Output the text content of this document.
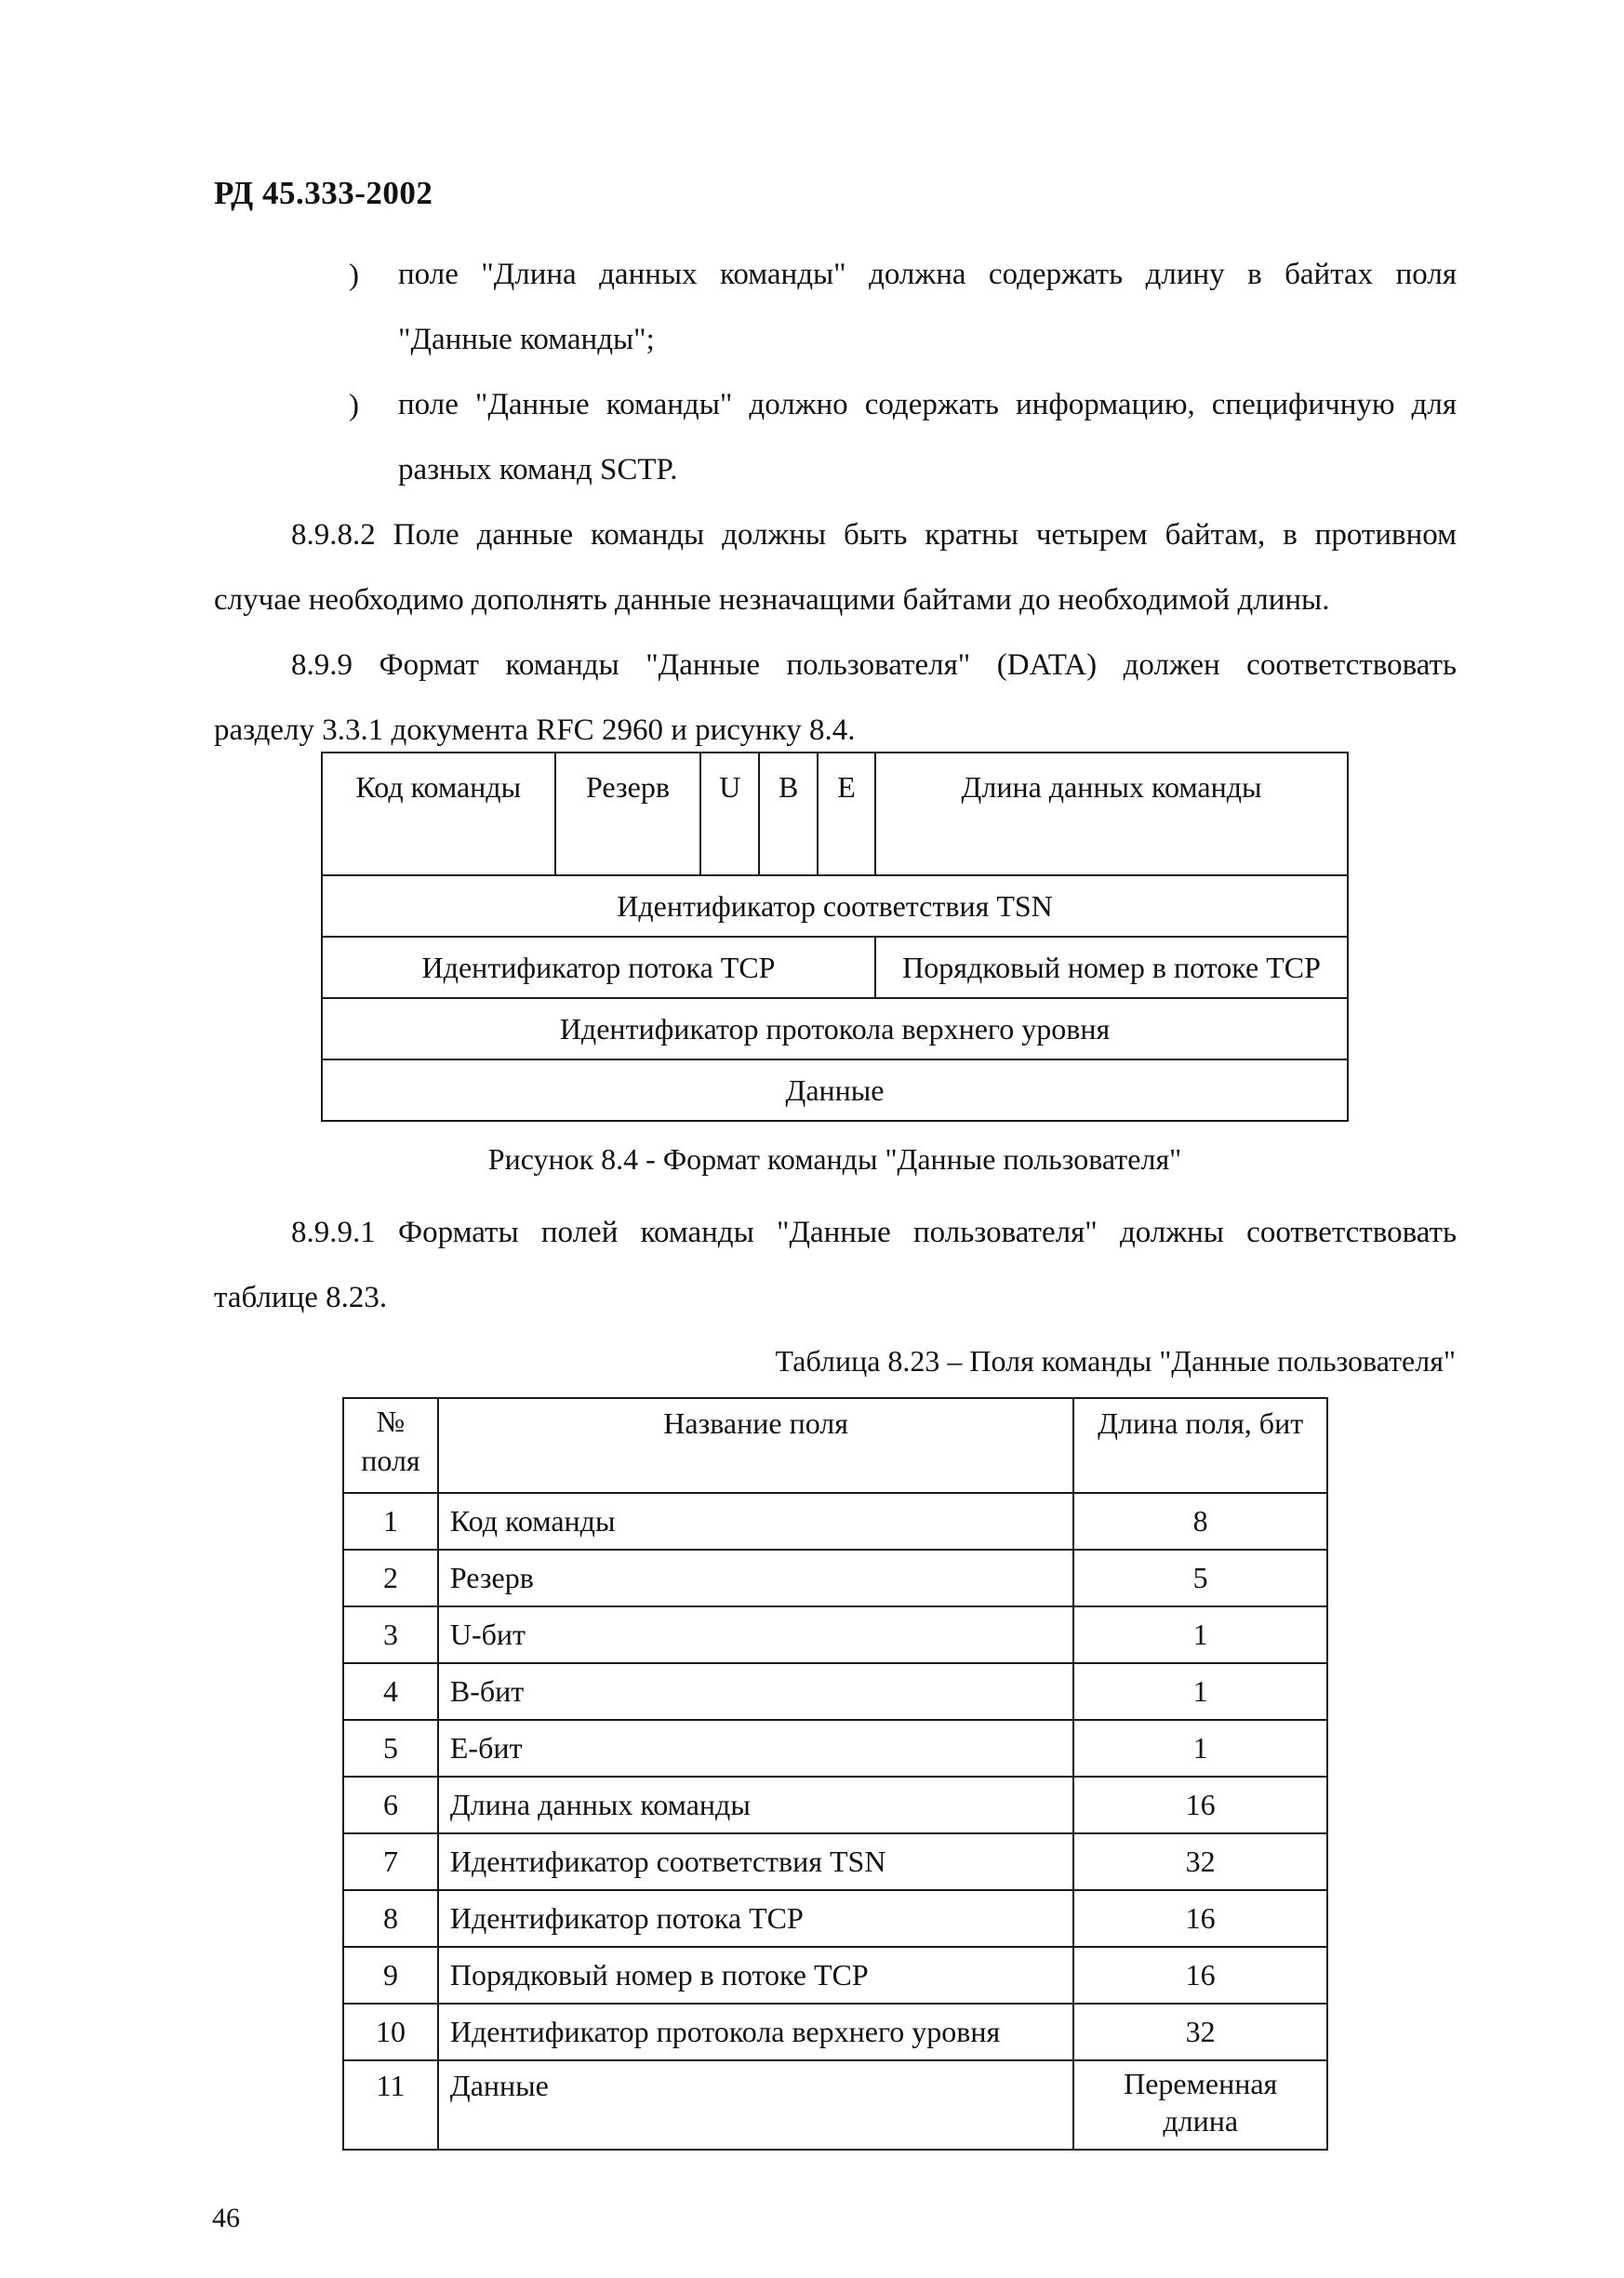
РД 45.333-2002
) поле "Длина данных команды" должна содержать длину в байтах поля
"Данные команды";
) поле "Данные команды" должно содержать информацию, специфичную для
разных команд SCTP.
8.9.8.2 Поле данные команды должны быть кратны четырем байтам, в противном
случае необходимо дополнять данные незначащими байтами до необходимой длины.
8.9.9 Формат команды "Данные пользователя" (DATA) должен соответствовать
разделу 3.3.1 документа RFC 2960 и рисунку 8.4.
Код команды	Резерв	U	B	E	Длина данных команды
Идентификатор соответствия TSN					
Идентификатор потока TCP					Порядковый номер в потоке TCP
Идентификатор протокола верхнего уровня					
Данные					
Рисунок 8.4 - Формат команды "Данные пользователя"
8.9.9.1 Форматы полей команды "Данные пользователя" должны соответствовать
таблице 8.23.
Таблица 8.23 – Поля команды "Данные пользователя"
№
поля	Название поля	Длина поля, бит
1	Код команды	8
2	Резерв	5
3	U-бит	1
4	B-бит	1
5	E-бит	1
6	Длина данных команды	16
7	Идентификатор соответствия TSN	32
8	Идентификатор потока TCP	16
9	Порядковый номер в потоке TCP	16
10	Идентификатор протокола верхнего уровня	32
11	Данные	Переменная
длина
46
